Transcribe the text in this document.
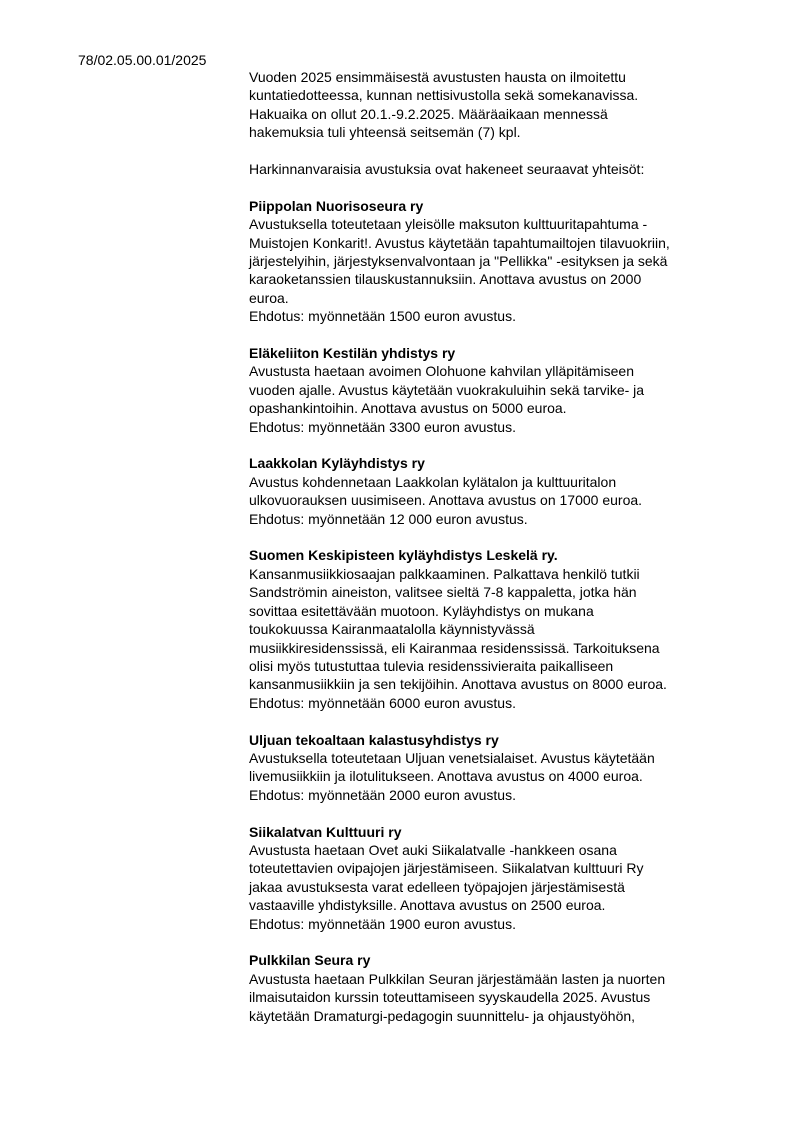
78/02.05.00.01/2025
Vuoden 2025 ensimmäisestä avustusten hausta on ilmoitettu
kuntatiedotteessa, kunnan nettisivustolla sekä somekanavissa.
Hakuaika on ollut 20.1.-9.2.2025. Määräaikaan mennessä
hakemuksia tuli yhteensä seitsemän (7) kpl.
Harkinnanvaraisia avustuksia ovat hakeneet seuraavat yhteisöt:
Piippolan Nuorisoseura ry
Avustuksella toteutetaan yleisölle maksuton kulttuuritapahtuma -
Muistojen Konkarit!. Avustus käytetään tapahtumailtojen tilavuokriin,
järjestelyihin, järjestyksenvalvontaan ja "Pellikka" -esityksen ja sekä
karaoketanssien tilauskustannuksiin. Anottava avustus on 2000
euroa.
Ehdotus: myönnetään 1500 euron avustus.
Eläkeliiton Kestilän yhdistys ry
Avustusta haetaan avoimen Olohuone kahvilan ylläpitämiseen
vuoden ajalle. Avustus käytetään vuokrakuluihin sekä tarvike- ja
opashankintoihin. Anottava avustus on 5000 euroa.
Ehdotus: myönnetään 3300 euron avustus.
Laakkolan Kyläyhdistys ry
Avustus kohdennetaan Laakkolan kylätalon ja kulttuuritalon
ulkovuorauksen uusimiseen. Anottava avustus on 17000 euroa.
Ehdotus: myönnetään 12 000 euron avustus.
Suomen Keskipisteen kyläyhdistys Leskelä ry.
Kansanmusiikkiosaajan palkkaaminen. Palkattava henkilö tutkii
Sandströmin aineiston, valitsee sieltä 7-8 kappaletta, jotka hän
sovittaa esitettävään muotoon. Kyläyhdistys on mukana
toukokuussa Kairanmaatalolla käynnistyvässä
musiikkiresidenssissä, eli Kairanmaa residenssissä. Tarkoituksena
olisi myös tutustuttaa tulevia residenssivieraita paikalliseen
kansanmusiikkiin ja sen tekijöihin. Anottava avustus on 8000 euroa.
Ehdotus: myönnetään 6000 euron avustus.
Uljuan tekoaltaan kalastusyhdistys ry
Avustuksella toteutetaan Uljuan venetsialaiset. Avustus käytetään
livemusiikkiin ja ilotulitukseen. Anottava avustus on 4000 euroa.
Ehdotus: myönnetään 2000 euron avustus.
Siikalatvan Kulttuuri ry
Avustusta haetaan Ovet auki Siikalatvalle -hankkeen osana
toteutettavien ovipajojen järjestämiseen. Siikalatvan kulttuuri Ry
jakaa avustuksesta varat edelleen työpajojen järjestämisestä
vastaaville yhdistyksille. Anottava avustus on 2500 euroa.
Ehdotus: myönnetään 1900 euron avustus.
Pulkkilan Seura ry
Avustusta haetaan Pulkkilan Seuran järjestämään lasten ja nuorten
ilmaisutaidon kurssin toteuttamiseen syyskaudella 2025. Avustus
käytetään Dramaturgi-pedagogin suunnittelu- ja ohjaustyöhön,
